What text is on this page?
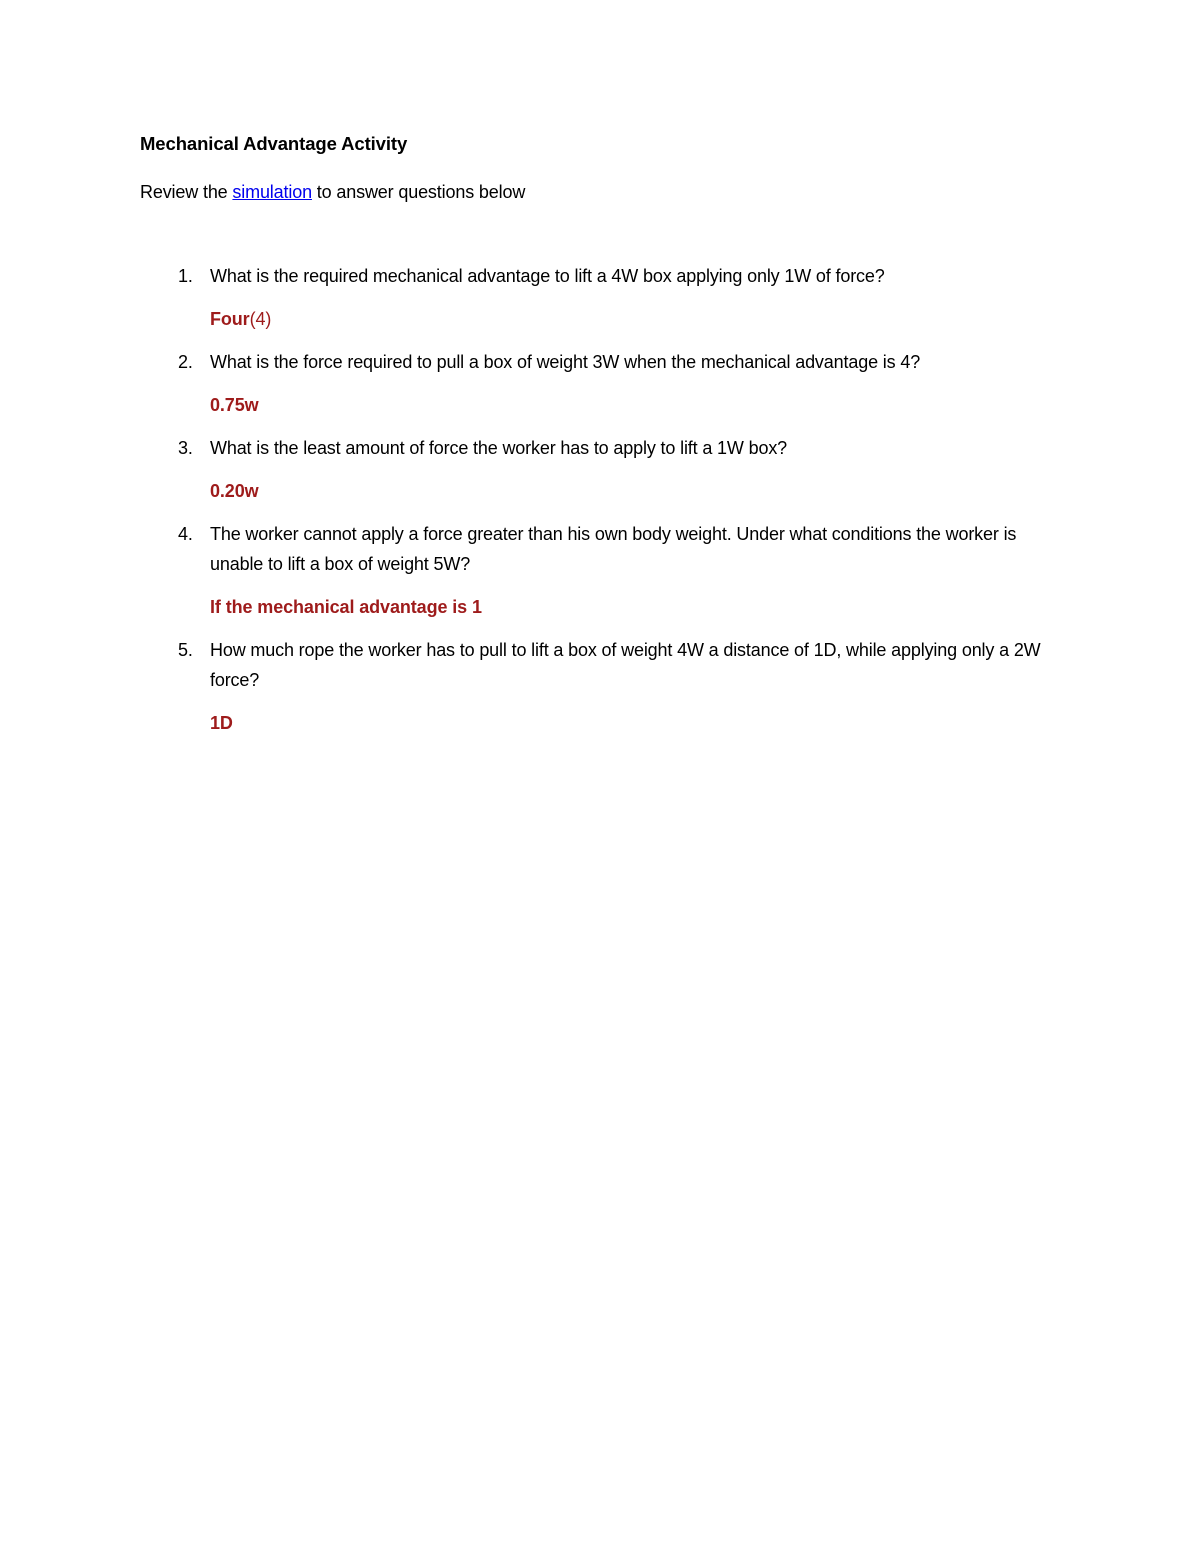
Mechanical Advantage Activity

Review the simulation to answer questions below

1. What is the required mechanical advantage to lift a 4W box applying only 1W of force?
Four(4)
2. What is the force required to pull a box of weight 3W when the mechanical advantage is 4?
0.75w
3. What is the least amount of force the worker has to apply to lift a 1W box?
0.20w
4. The worker cannot apply a force greater than his own body weight. Under what conditions the worker is unable to lift a box of weight 5W?
If the mechanical advantage is 1
5. How much rope the worker has to pull to lift a box of weight 4W a distance of 1D, while applying only a 2W force?
1D
